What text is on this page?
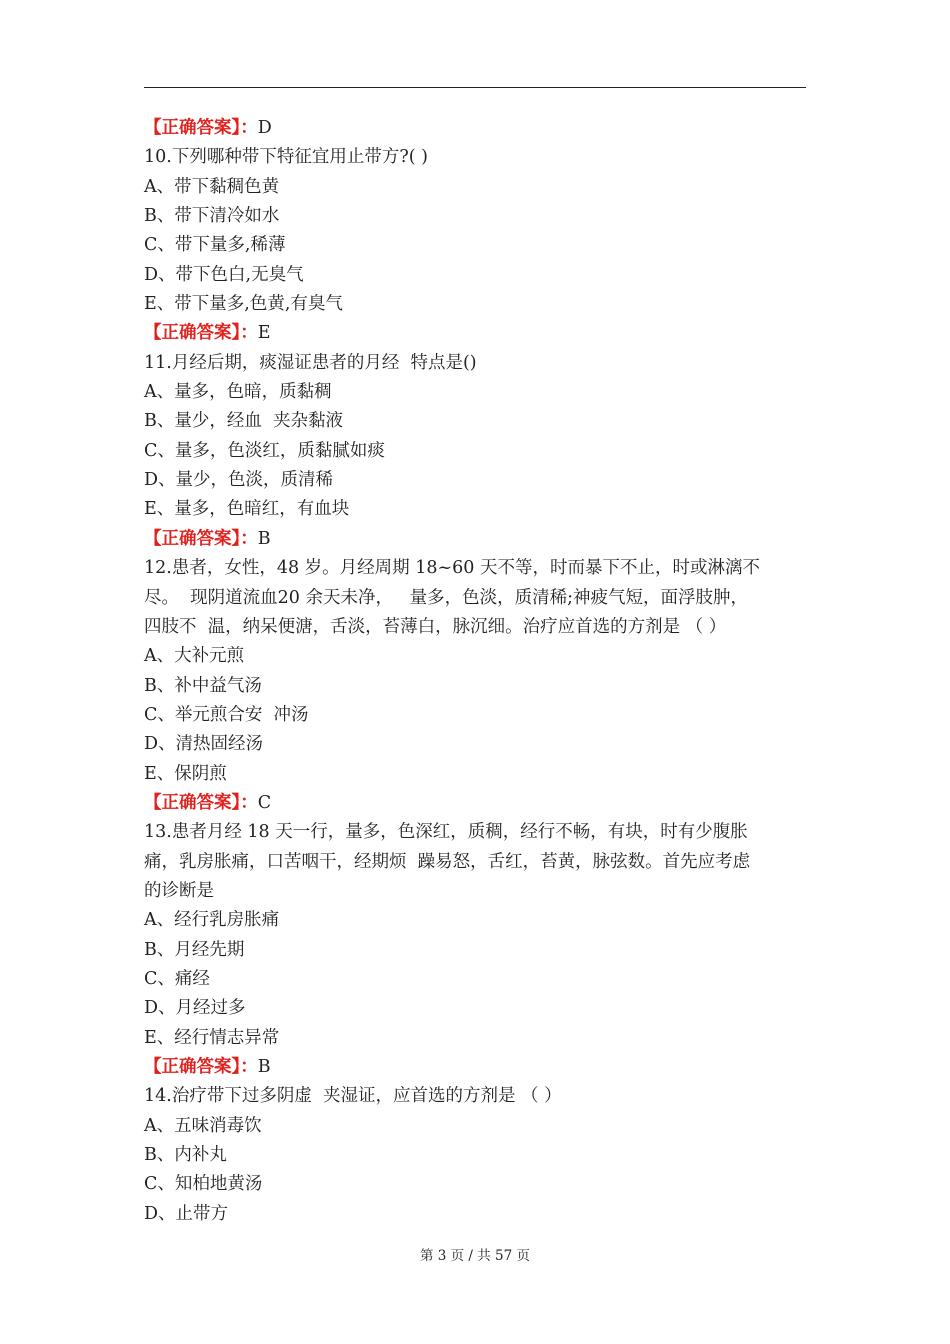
【正确答案】：D
10.下列哪种带下特征宜用止带方?( )
A、带下黏稠色黄
B、带下清冷如水
C、带下量多,稀薄
D、带下色白,无臭气
E、带下量多,色黄,有臭气
【正确答案】：E
11.月经后期，痰湿证患者的月经  特点是()
A、量多，色暗，质黏稠
B、量少，经血  夹杂黏液
C、量多，色淡红，质黏腻如痰
D、量少，色淡，质清稀
E、量多，色暗红，有血块
【正确答案】：B
12.患者，女性，48 岁。月经周期 18~60 天不等，时而暴下不止，时或淋漓不
尽。  现阴道流血20 余天未净，   量多，色淡，质清稀;神疲气短，面浮肢肿，
四肢不  温，纳呆便溏，舌淡，苔薄白，脉沉细。治疗应首选的方剂是 （ ）
A、大补元煎
B、补中益气汤
C、举元煎合安  冲汤
D、清热固经汤
E、保阴煎
【正确答案】：C
13.患者月经 18 天一行，量多，色深红，质稠，经行不畅，有块，时有少腹胀
痛，乳房胀痛，口苦咽干，经期烦  躁易怒，舌红，苔黄，脉弦数。首先应考虑
的诊断是
A、经行乳房胀痛
B、月经先期
C、痛经
D、月经过多
E、经行情志异常
【正确答案】：B
14.治疗带下过多阴虚  夹湿证，应首选的方剂是 （ ）
A、五味消毒饮
B、内补丸
C、知柏地黄汤
D、止带方
第 3 页 / 共 57 页
